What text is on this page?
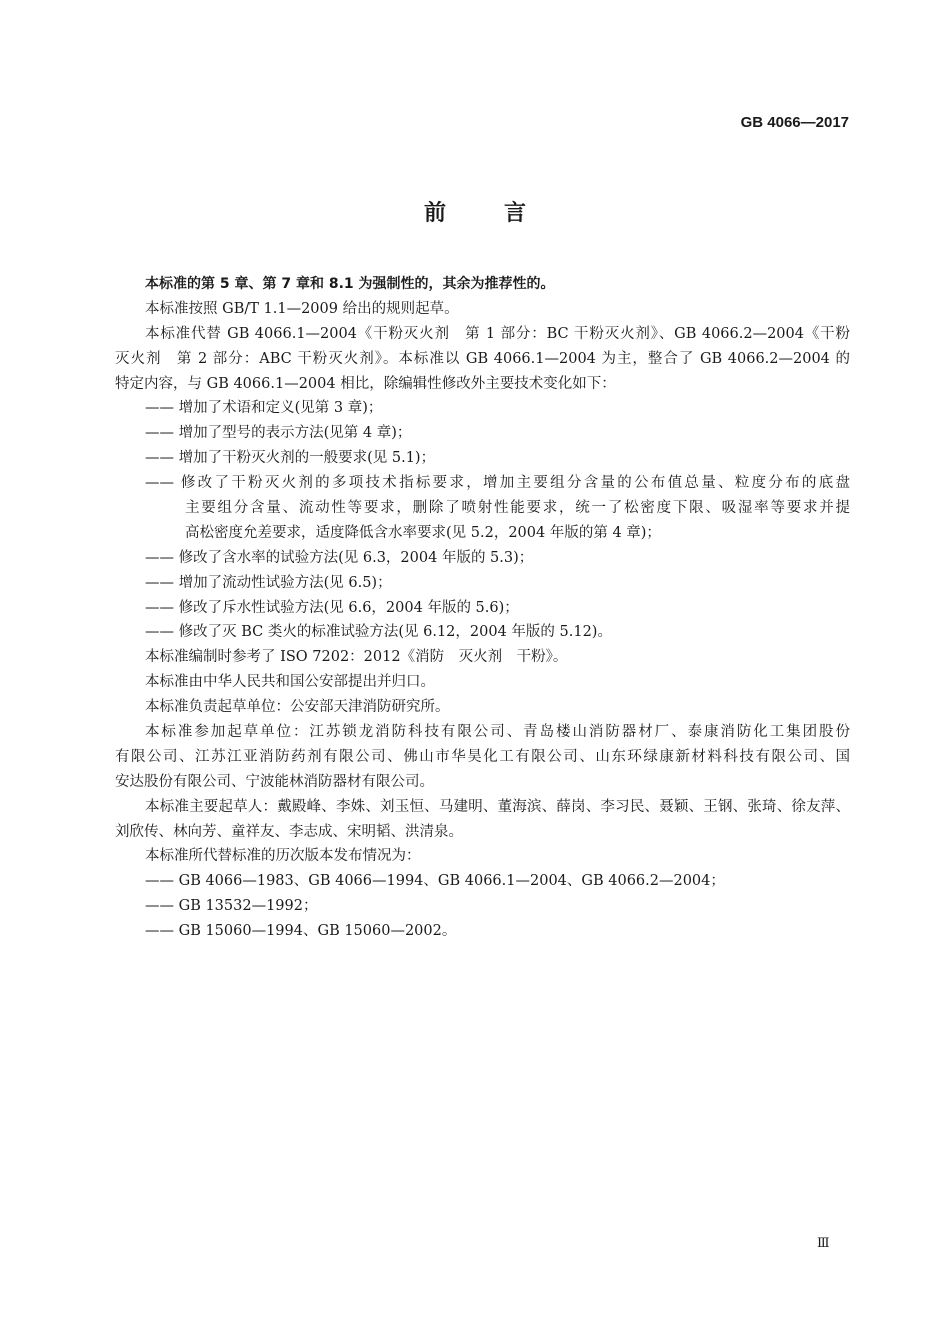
GB 4066—2017
前言
本标准的第 5 章、第 7 章和 8.1 为强制性的，其余为推荐性的。
本标准按照 GB/T 1.1—2009 给出的规则起草。
本标准代替 GB 4066.1—2004《干粉灭火剂　第 1 部分：BC 干粉灭火剂》、GB 4066.2—2004《干粉
灭火剂　第 2 部分：ABC 干粉灭火剂》。本标准以 GB 4066.1—2004 为主，整合了 GB 4066.2—2004 的
特定内容，与 GB 4066.1—2004 相比，除编辑性修改外主要技术变化如下：
—— 增加了术语和定义(见第 3 章)；
—— 增加了型号的表示方法(见第 4 章)；
—— 增加了干粉灭火剂的一般要求(见 5.1)；
—— 修改了干粉灭火剂的多项技术指标要求，增加主要组分含量的公布值总量、粒度分布的底盘
主要组分含量、流动性等要求，删除了喷射性能要求，统一了松密度下限、吸湿率等要求并提
高松密度允差要求，适度降低含水率要求(见 5.2，2004 年版的第 4 章)；
—— 修改了含水率的试验方法(见 6.3，2004 年版的 5.3)；
—— 增加了流动性试验方法(见 6.5)；
—— 修改了斥水性试验方法(见 6.6，2004 年版的 5.6)；
—— 修改了灭 BC 类火的标准试验方法(见 6.12，2004 年版的 5.12)。
本标准编制时参考了 ISO 7202：2012《消防　灭火剂　干粉》。
本标准由中华人民共和国公安部提出并归口。
本标准负责起草单位：公安部天津消防研究所。
本标准参加起草单位：江苏锁龙消防科技有限公司、青岛楼山消防器材厂、泰康消防化工集团股份
有限公司、江苏江亚消防药剂有限公司、佛山市华昊化工有限公司、山东环绿康新材料科技有限公司、国
安达股份有限公司、宁波能林消防器材有限公司。
本标准主要起草人：戴殿峰、李姝、刘玉恒、马建明、董海滨、薛岗、李习民、聂颖、王钢、张琦、徐友萍、
刘欣传、林向芳、童祥友、李志成、宋明韬、洪清泉。
本标准所代替标准的历次版本发布情况为：
—— GB 4066—1983、GB 4066—1994、GB 4066.1—2004、GB 4066.2—2004；
—— GB 13532—1992；
—— GB 15060—1994、GB 15060—2002。
Ⅲ
